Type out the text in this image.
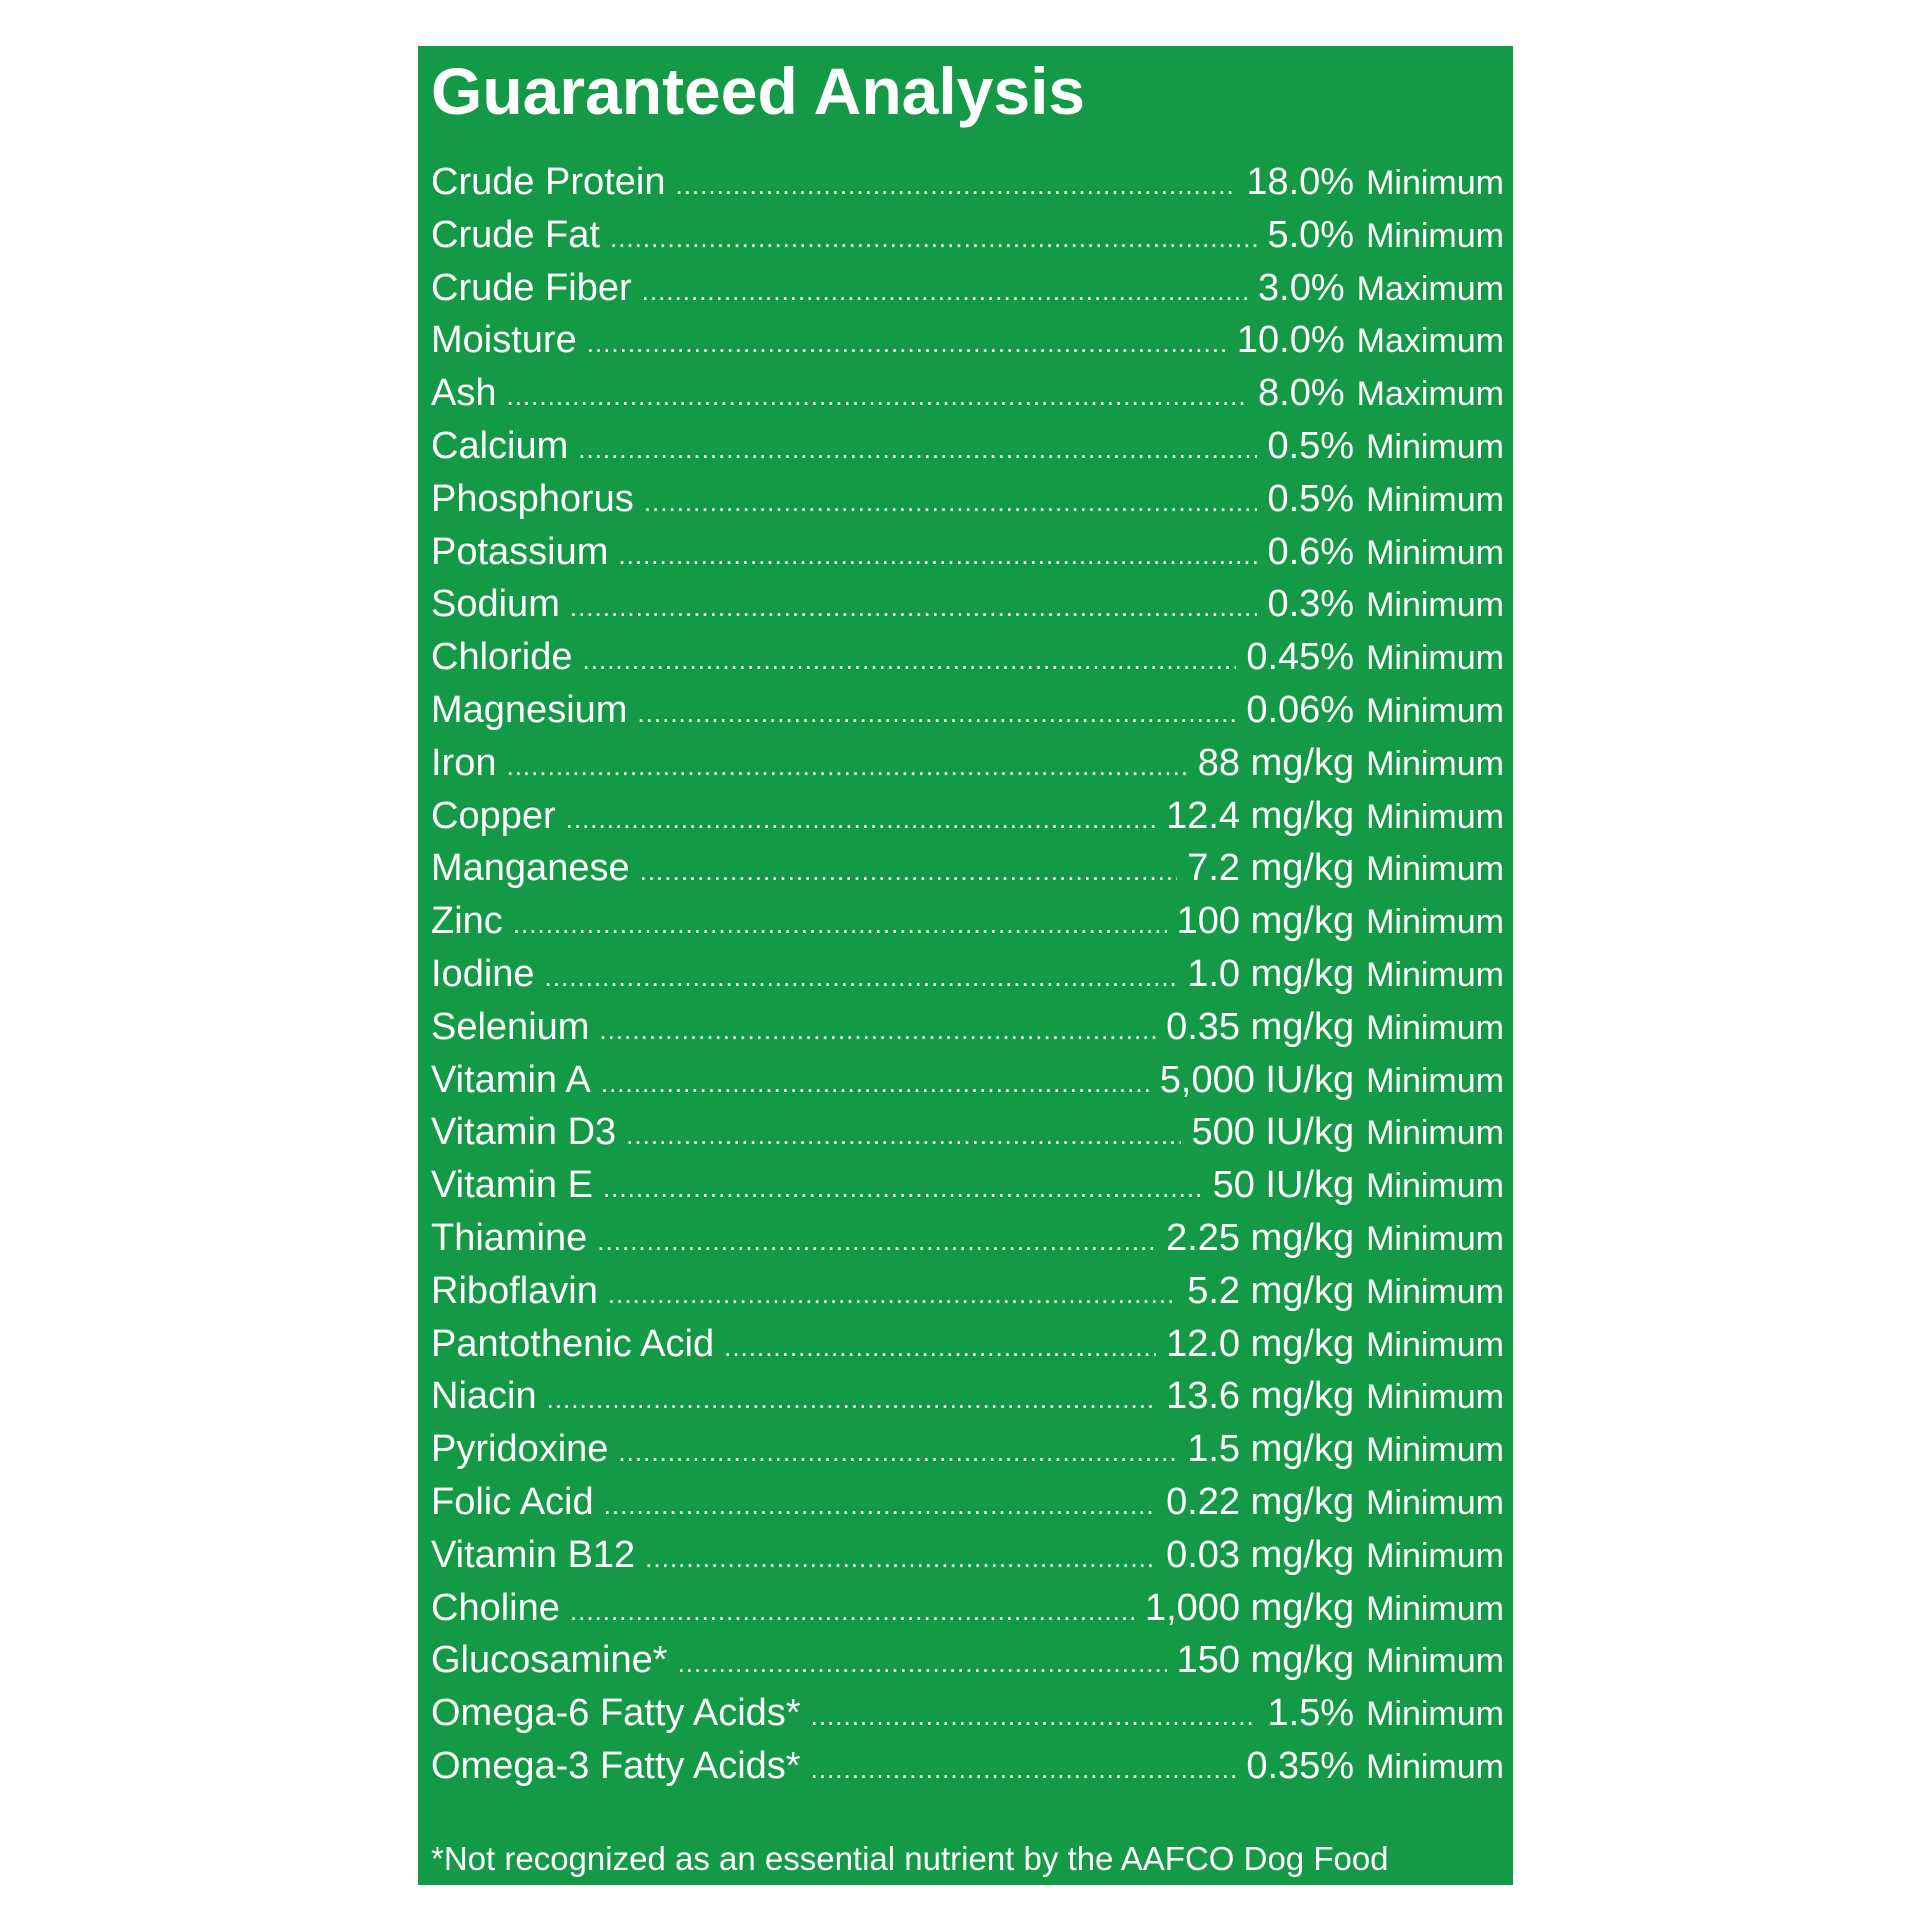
Guaranteed Analysis
Crude Protein .....	18.0% Minimum
Crude Fat .....	5.0% Minimum
Crude Fiber .....	3.0% Maximum
Moisture .....	10.0% Maximum
Ash .....	8.0% Maximum
Calcium .....	0.5% Minimum
Phosphorus .....	0.5% Minimum
Potassium .....	0.6% Minimum
Sodium .....	0.3% Minimum
Chloride .....	0.45% Minimum
Magnesium .....	0.06% Minimum
Iron .....	88 mg/kg Minimum
Copper .....	12.4 mg/kg Minimum
Manganese .....	7.2 mg/kg Minimum
Zinc .....	100 mg/kg Minimum
Iodine .....	1.0 mg/kg Minimum
Selenium .....	0.35 mg/kg Minimum
Vitamin A .....	5,000 IU/kg Minimum
Vitamin D3 .....	500 IU/kg Minimum
Vitamin E .....	50 IU/kg Minimum
Thiamine .....	2.25 mg/kg Minimum
Riboflavin .....	5.2 mg/kg Minimum
Pantothenic Acid .....	12.0 mg/kg Minimum
Niacin .....	13.6 mg/kg Minimum
Pyridoxine .....	1.5 mg/kg Minimum
Folic Acid .....	0.22 mg/kg Minimum
Vitamin B12 .....	0.03 mg/kg Minimum
Choline .....	1,000 mg/kg Minimum
Glucosamine* .....	150 mg/kg Minimum
Omega-6 Fatty Acids* .....	1.5% Minimum
Omega-3 Fatty Acids* .....	0.35% Minimum
*Not recognized as an essential nutrient by the AAFCO Dog Food
Nutrient Profiles
